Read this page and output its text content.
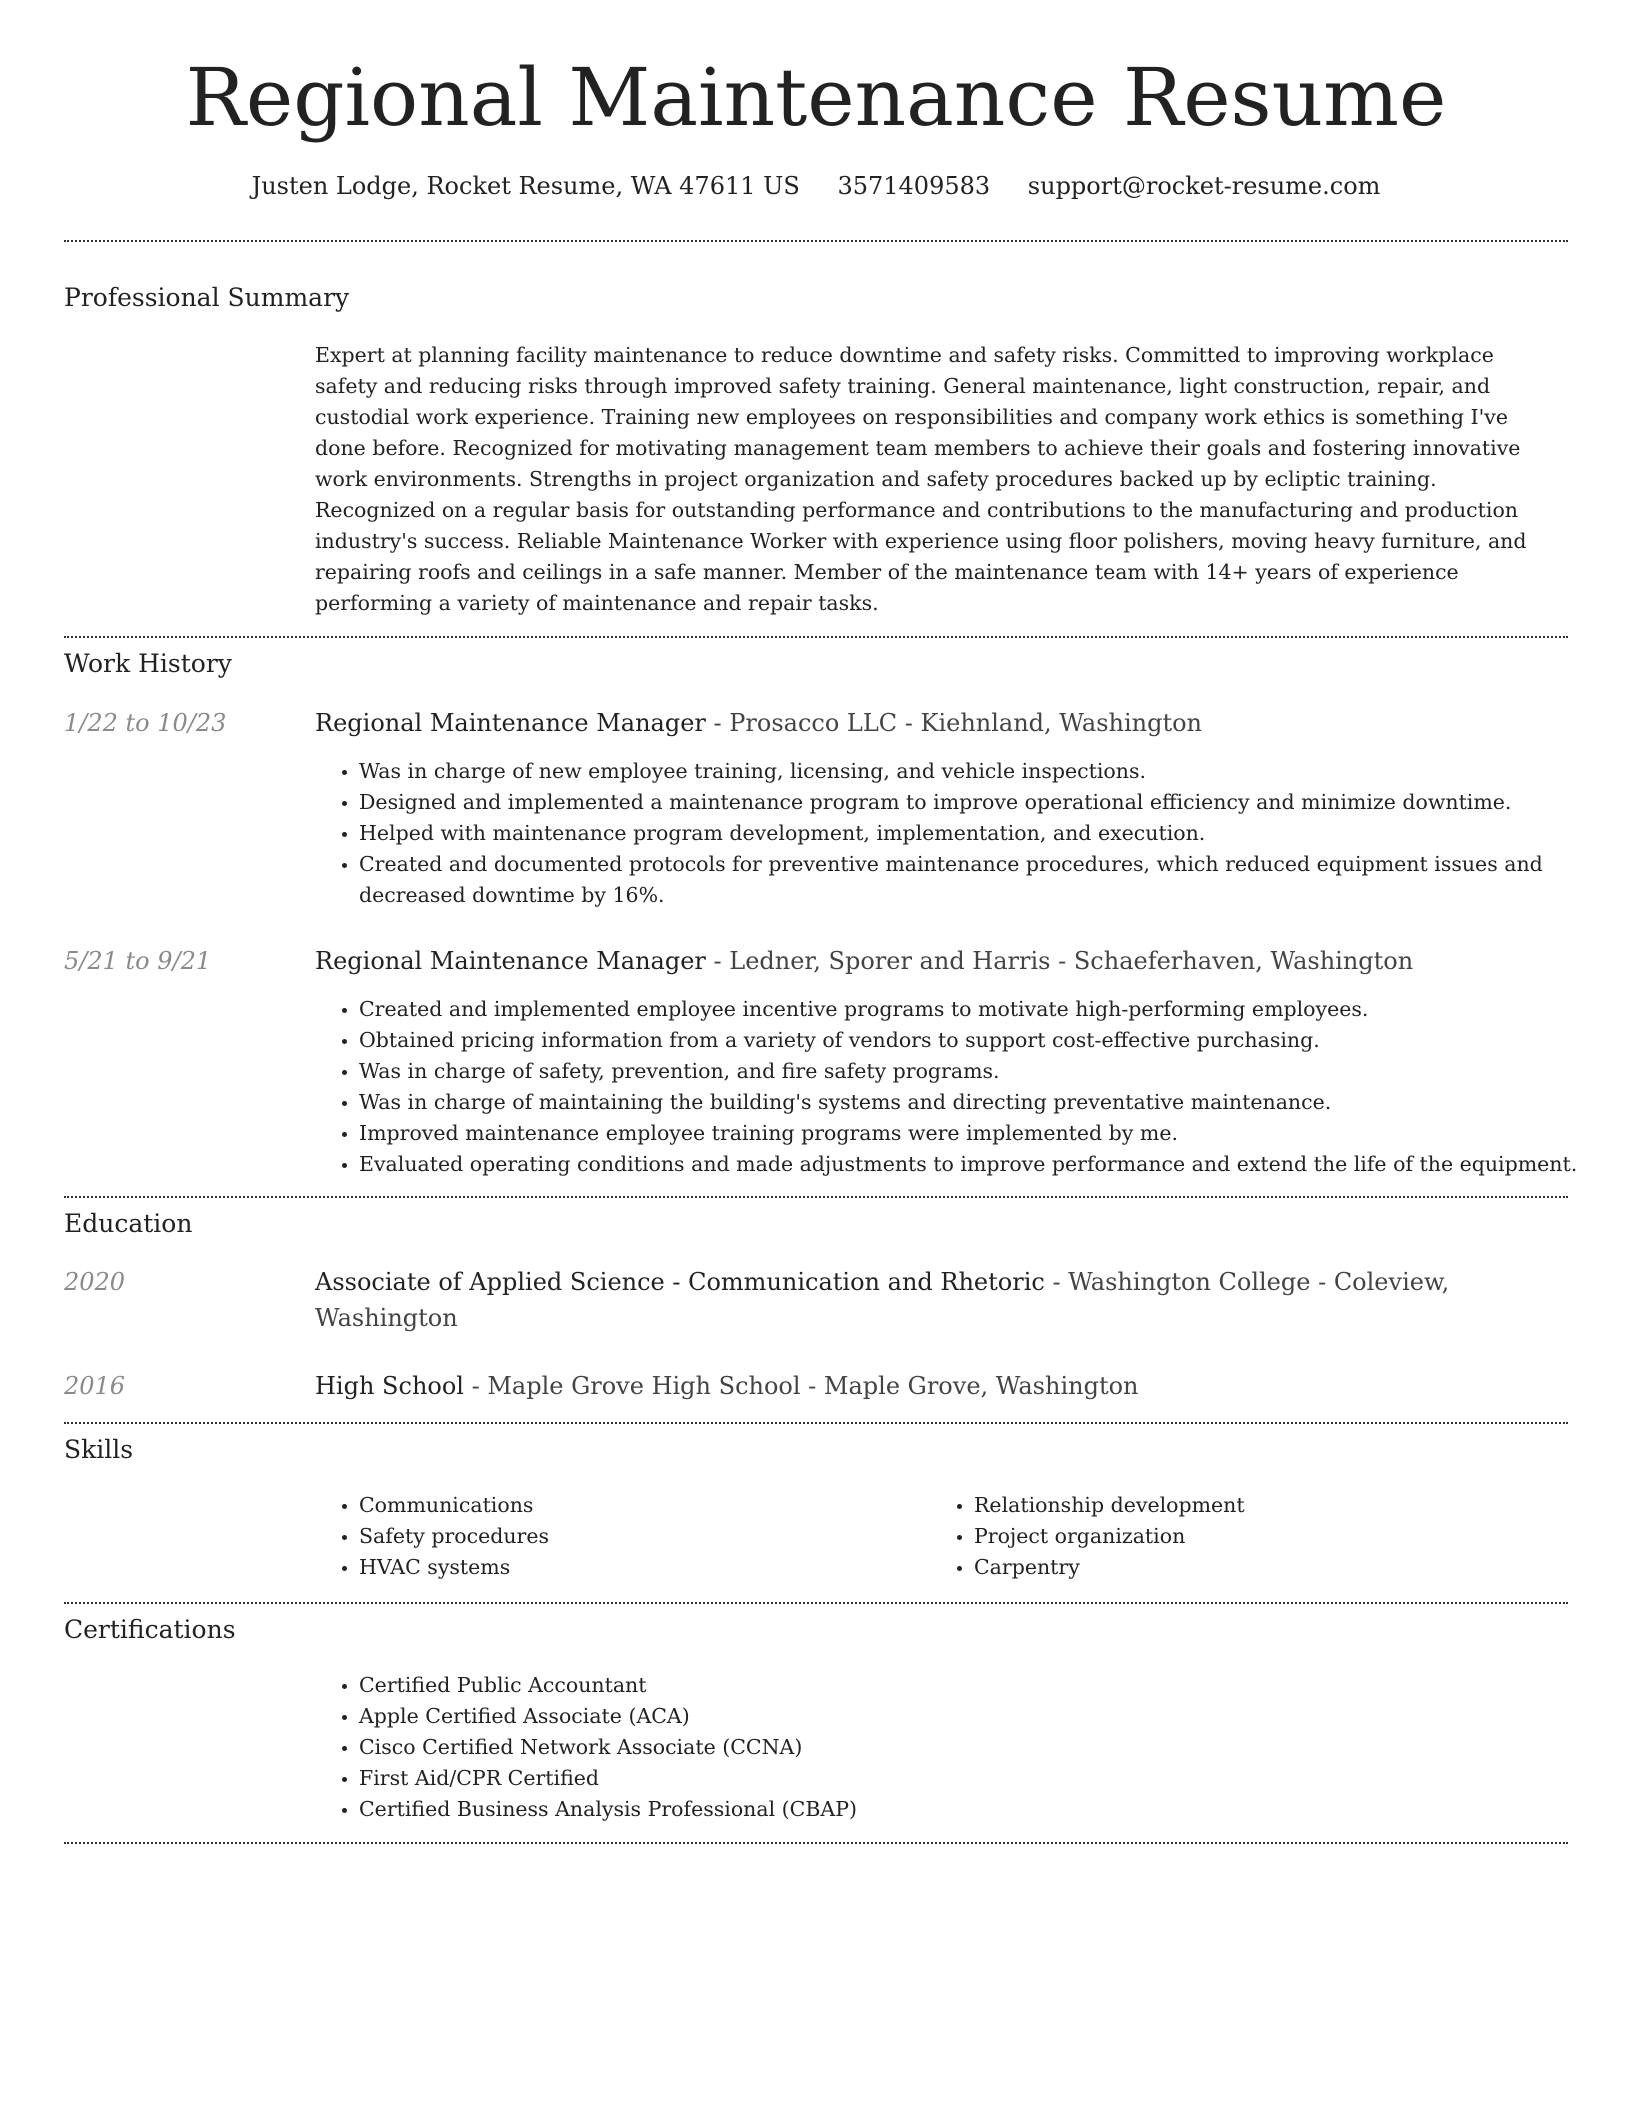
Regional Maintenance Resume
Justen Lodge, Rocket Resume, WA 47611 US 3571409583 support@rocket-resume.com
Professional Summary
Expert at planning facility maintenance to reduce downtime and safety risks. Committed to improving workplace safety and reducing risks through improved safety training. General maintenance, light construction, repair, and custodial work experience. Training new employees on responsibilities and company work ethics is something I've done before. Recognized for motivating management team members to achieve their goals and fostering innovative work environments. Strengths in project organization and safety procedures backed up by ecliptic training. Recognized on a regular basis for outstanding performance and contributions to the manufacturing and production industry's success. Reliable Maintenance Worker with experience using floor polishers, moving heavy furniture, and repairing roofs and ceilings in a safe manner. Member of the maintenance team with 14+ years of experience performing a variety of maintenance and repair tasks.
Work History
1/22 to 10/23	Regional Maintenance Manager - Prosacco LLC - Kiehnland, Washington
• Was in charge of new employee training, licensing, and vehicle inspections.
• Designed and implemented a maintenance program to improve operational efficiency and minimize downtime.
• Helped with maintenance program development, implementation, and execution.
• Created and documented protocols for preventive maintenance procedures, which reduced equipment issues and decreased downtime by 16%.
5/21 to 9/21	Regional Maintenance Manager - Ledner, Sporer and Harris - Schaeferhaven, Washington
• Created and implemented employee incentive programs to motivate high-performing employees.
• Obtained pricing information from a variety of vendors to support cost-effective purchasing.
• Was in charge of safety, prevention, and fire safety programs.
• Was in charge of maintaining the building's systems and directing preventative maintenance.
• Improved maintenance employee training programs were implemented by me.
• Evaluated operating conditions and made adjustments to improve performance and extend the life of the equipment.
Education
2020	Associate of Applied Science - Communication and Rhetoric - Washington College - Coleview, Washington
2016	High School - Maple Grove High School - Maple Grove, Washington
Skills
• Communications
• Safety procedures
• HVAC systems
• Relationship development
• Project organization
• Carpentry
Certifications
• Certified Public Accountant
• Apple Certified Associate (ACA)
• Cisco Certified Network Associate (CCNA)
• First Aid/CPR Certified
• Certified Business Analysis Professional (CBAP)
